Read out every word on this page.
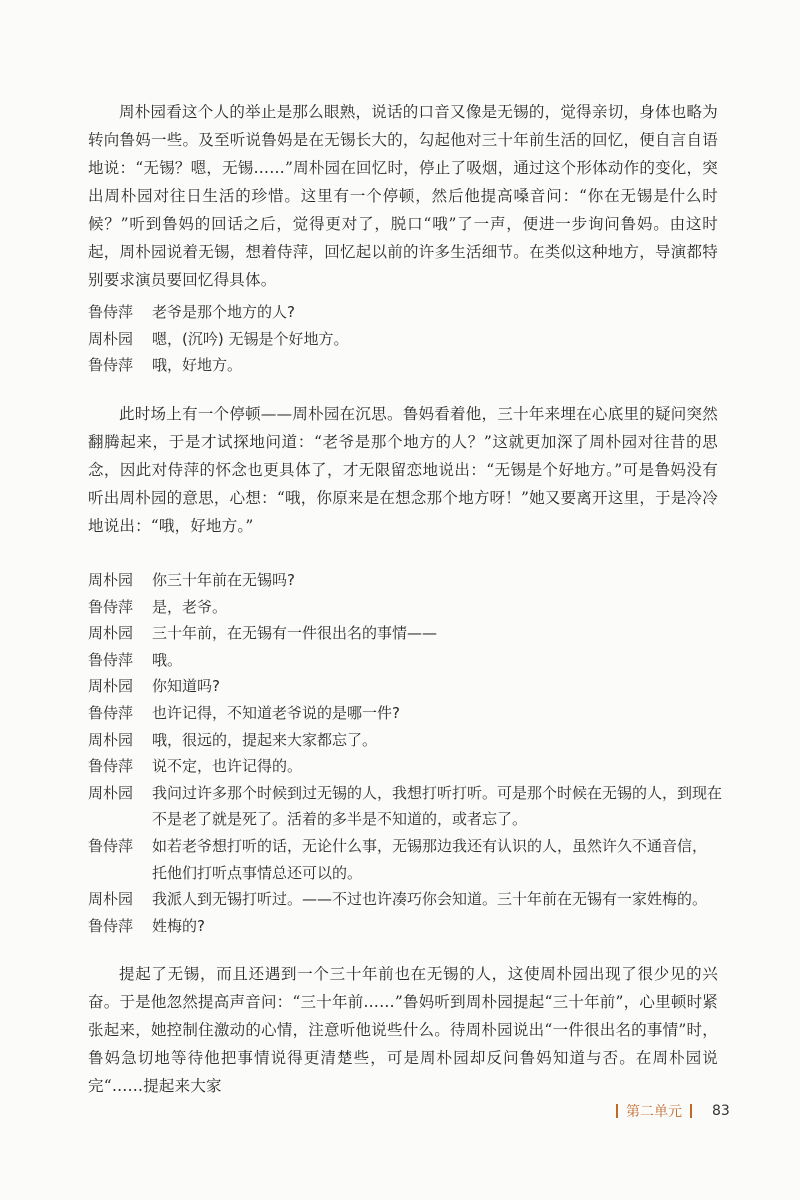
周朴园看这个人的举止是那么眼熟，说话的口音又像是无锡的，觉得亲切，身体也略为转向鲁妈一些。及至听说鲁妈是在无锡长大的，勾起他对三十年前生活的回忆，便自言自语地说：“无锡？嗯，无锡……”周朴园在回忆时，停止了吸烟，通过这个形体动作的变化，突出周朴园对往日生活的珍惜。这里有一个停顿，然后他提高嗓音问：“你在无锡是什么时候？”听到鲁妈的回话之后，觉得更对了，脱口“哦”了一声，便进一步询问鲁妈。由这时起，周朴园说着无锡，想着侍萍，回忆起以前的许多生活细节。在类似这种地方，导演都特别要求演员要回忆得具体。

鲁侍萍	老爷是那个地方的人?
周朴园	嗯，(沉吟) 无锡是个好地方。
鲁侍萍	哦，好地方。

此时场上有一个停顿——周朴园在沉思。鲁妈看着他，三十年来埋在心底里的疑问突然翻腾起来，于是才试探地问道：“老爷是那个地方的人？”这就更加深了周朴园对往昔的思念，因此对侍萍的怀念也更具体了，才无限留恋地说出：“无锡是个好地方。”可是鲁妈没有听出周朴园的意思，心想：“哦，你原来是在想念那个地方呀！”她又要离开这里，于是冷冷地说出：“哦，好地方。”

周朴园	你三十年前在无锡吗?
鲁侍萍	是，老爷。
周朴园	三十年前，在无锡有一件很出名的事情——
鲁侍萍	哦。
周朴园	你知道吗?
鲁侍萍	也许记得，不知道老爷说的是哪一件?
周朴园	哦，很远的，提起来大家都忘了。
鲁侍萍	说不定，也许记得的。
周朴园	我问过许多那个时候到过无锡的人，我想打听打听。可是那个时候在无锡的人，到现在
不是老了就是死了。活着的多半是不知道的，或者忘了。
鲁侍萍	如若老爷想打听的话，无论什么事，无锡那边我还有认识的人，虽然许久不通音信，
托他们打听点事情总还可以的。
周朴园	我派人到无锡打听过。——不过也许凑巧你会知道。三十年前在无锡有一家姓梅的。
鲁侍萍	姓梅的?

提起了无锡，而且还遇到一个三十年前也在无锡的人，这使周朴园出现了很少见的兴奋。于是他忽然提高声音问：“三十年前……”鲁妈听到周朴园提起“三十年前”，心里顿时紧张起来，她控制住激动的心情，注意听他说些什么。待周朴园说出“一件很出名的事情”时，鲁妈急切地等待他把事情说得更清楚些，可是周朴园却反问鲁妈知道与否。在周朴园说完“……提起来大家

第二单元 83
